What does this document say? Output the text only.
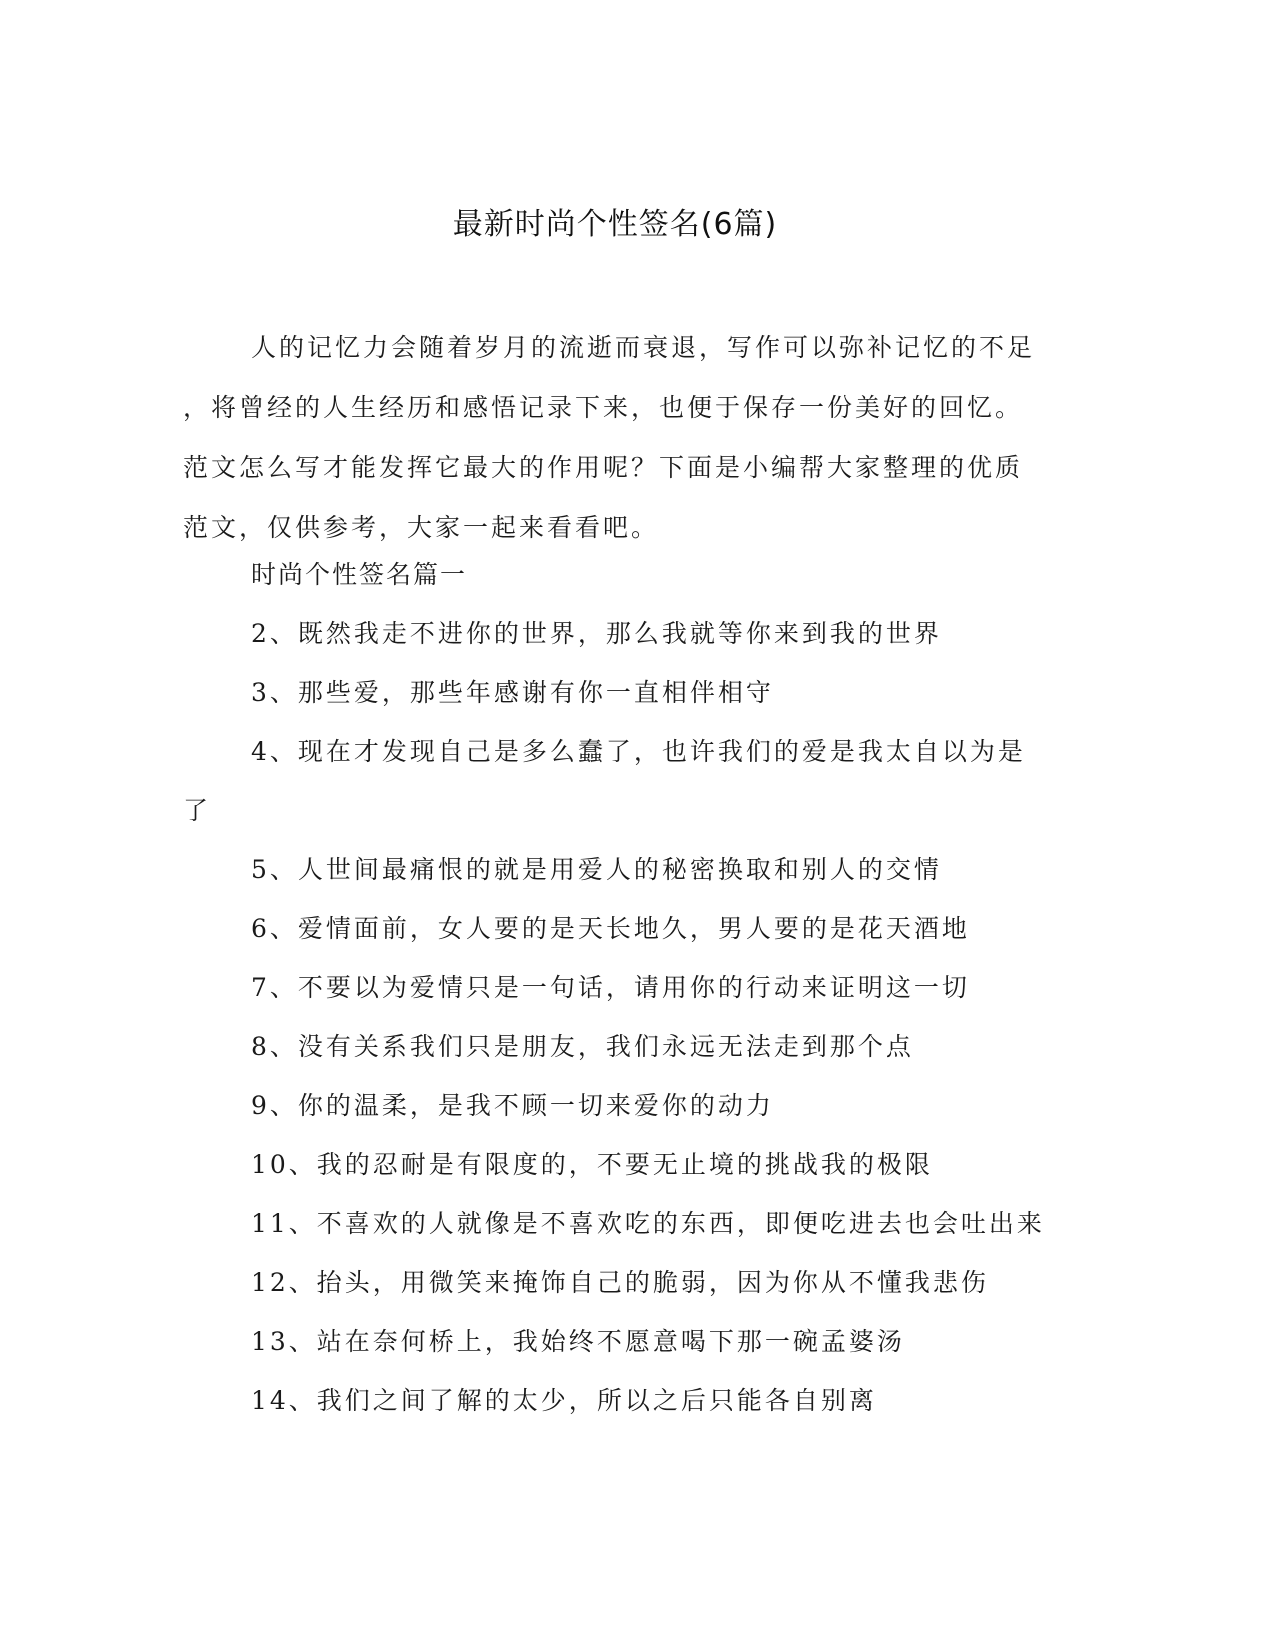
最新时尚个性签名(6篇)
人的记忆力会随着岁月的流逝而衰退，写作可以弥补记忆的不足
，将曾经的人生经历和感悟记录下来，也便于保存一份美好的回忆。
范文怎么写才能发挥它最大的作用呢？下面是小编帮大家整理的优质
范文，仅供参考，大家一起来看看吧。
时尚个性签名篇一
2、既然我走不进你的世界，那么我就等你来到我的世界
3、那些爱，那些年感谢有你一直相伴相守
4、现在才发现自己是多么蠢了，也许我们的爱是我太自以为是
了
5、人世间最痛恨的就是用爱人的秘密换取和别人的交情
6、爱情面前，女人要的是天长地久，男人要的是花天酒地
7、不要以为爱情只是一句话，请用你的行动来证明这一切
8、没有关系我们只是朋友，我们永远无法走到那个点
9、你的温柔，是我不顾一切来爱你的动力
10、我的忍耐是有限度的，不要无止境的挑战我的极限
11、不喜欢的人就像是不喜欢吃的东西，即便吃进去也会吐出来
12、抬头，用微笑来掩饰自己的脆弱，因为你从不懂我悲伤
13、站在奈何桥上，我始终不愿意喝下那一碗孟婆汤
14、我们之间了解的太少，所以之后只能各自别离
